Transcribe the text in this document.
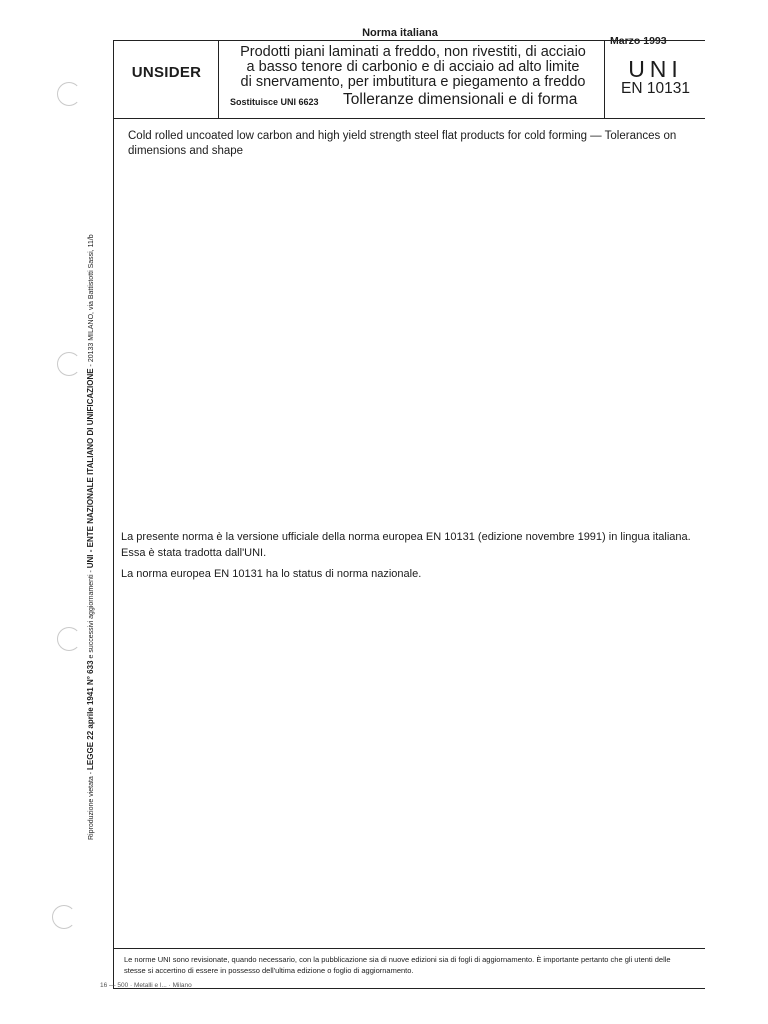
Norma italiana
Marzo 1993
UNSIDER
Prodotti piani laminati a freddo, non rivestiti, di acciaio
a basso tenore di carbonio e di acciaio ad alto limite
di snervamento, per imbutitura e piegamento a freddo
Sostituisce UNI 6623 Tolleranze dimensionali e di forma
UNI
EN 10131
Cold rolled uncoated low carbon and high yield strength steel flat products for cold forming — Tolerances on dimensions and shape
La presente norma è la versione ufficiale della norma europea EN 10131 (edizione novembre 1991) in lingua italiana.
Essa è stata tradotta dall'UNI.
La norma europea EN 10131 ha lo status di norma nazionale.
Le norme UNI sono revisionate, quando necessario, con la pubblicazione sia di nuove edizioni sia di fogli di aggiornamento. È importante pertanto che gli utenti delle stesse si accertino di essere in possesso dell'ultima edizione o foglio di aggiornamento.
16 — 500 · Metalli e l... · Milano
Riproduzione vietata - LEGGE 22 aprile 1941 N° 633 e successivi aggiornamenti - UNI - ENTE NAZIONALE ITALIANO DI UNIFICAZIONE - 20133 MILANO, via Battistotti Sassi, 11/b
